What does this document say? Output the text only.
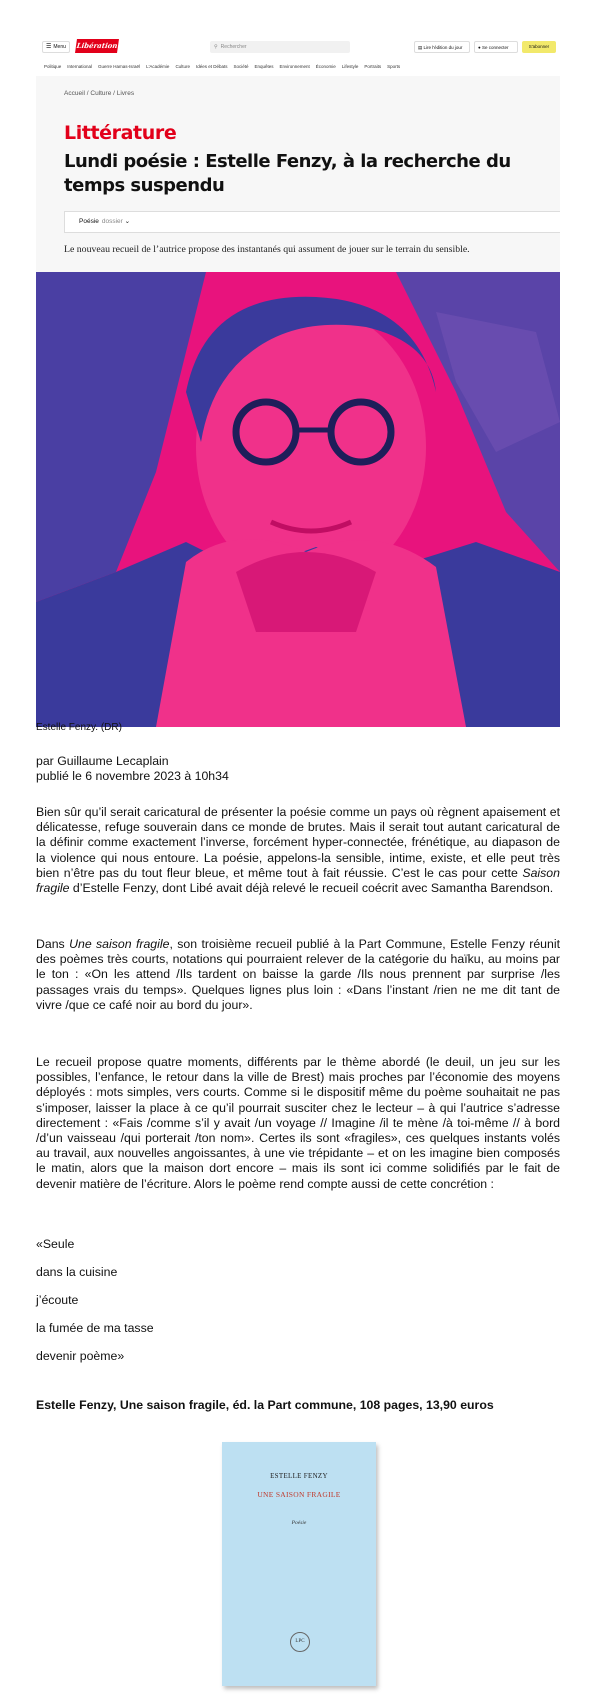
☰ Menu Libération	⚲ Rechercher	▤ Lire l'édition du jour	● Se connecter	S'abonner
Politique International Guerre Hamas-Israël L'Académie Culture Idées et Débats Société Enquêtes Environnement Économie Lifestyle Portraits Sports
Accueil / Culture / Livres
Littérature
Lundi poésie : Estelle Fenzy, à la recherche du temps suspendu
Poésie dossier ⌄
Le nouveau recueil de l’autrice propose des instantanés qui assument de jouer sur le terrain du sensible.
Estelle Fenzy. (DR)
par Guillaume Lecaplain
publié le 6 novembre 2023 à 10h34

Bien sûr qu’il serait caricatural de présenter la poésie comme un pays où règnent apaisement et délicatesse, refuge souverain dans ce monde de brutes. Mais il serait tout autant caricatural de la définir comme exactement l’inverse, forcément hyper-connectée, frénétique, au diapason de la violence qui nous entoure. La poésie, appelons-la sensible, intime, existe, et elle peut très bien n’être pas du tout fleur bleue, et même tout à fait réussie. C’est le cas pour cette Saison fragile d’Estelle Fenzy, dont Libé avait déjà relevé le recueil coécrit avec Samantha Barendson.

Dans Une saison fragile, son troisième recueil publié à la Part Commune, Estelle Fenzy réunit des poèmes très courts, notations qui pourraient relever de la catégorie du haïku, au moins par le ton : «On les attend /Ils tardent on baisse la garde /Ils nous prennent par surprise /les passages vrais du temps». Quelques lignes plus loin : «Dans l’instant /rien ne me dit tant de vivre /que ce café noir au bord du jour».

Le recueil propose quatre moments, différents par le thème abordé (le deuil, un jeu sur les possibles, l’enfance, le retour dans la ville de Brest) mais proches par l’économie des moyens déployés : mots simples, vers courts. Comme si le dispositif même du poème souhaitait ne pas s’imposer, laisser la place à ce qu’il pourrait susciter chez le lecteur – à qui l’autrice s’adresse directement : «Fais /comme s’il y avait /un voyage // Imagine /il te mène /à toi-même // à bord /d’un vaisseau /qui porterait /ton nom». Certes ils sont «fragiles», ces quelques instants volés au travail, aux nouvelles angoissantes, à une vie trépidante – et on les imagine bien composés le matin, alors que la maison dort encore – mais ils sont ici comme solidifiés par le fait de devenir matière de l’écriture. Alors le poème rend compte aussi de cette concrétion :

«Seule
dans la cuisine
j’écoute
la fumée de ma tasse
devenir poème»
Estelle Fenzy, Une saison fragile, éd. la Part commune, 108 pages, 13,90 euros
ESTELLE FENZY
UNE SAISON FRAGILE
Poésie
LPC
